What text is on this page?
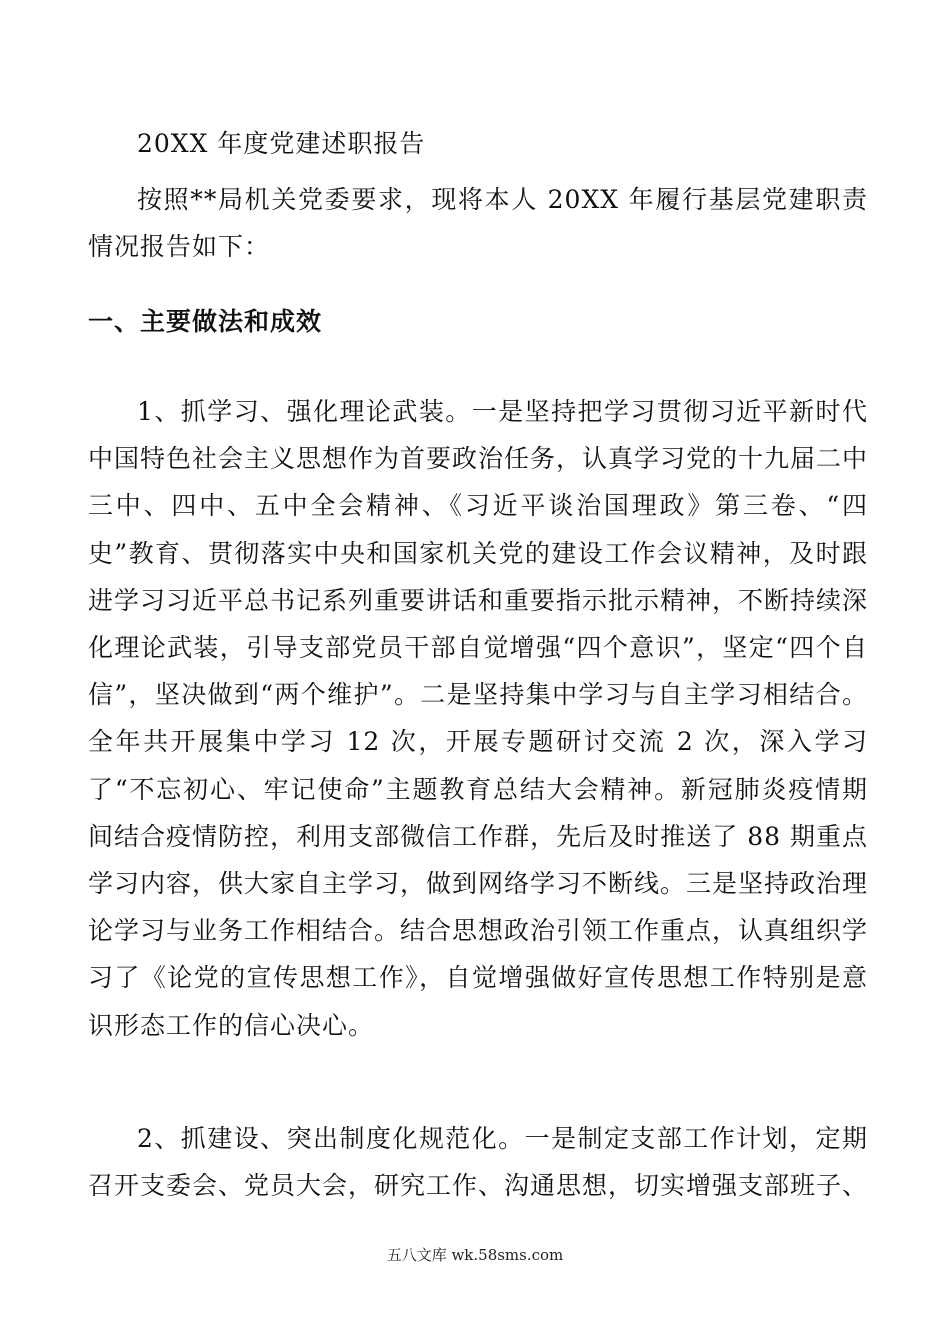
20XX 年度党建述职报告

按照**局机关党委要求，现将本人 20XX 年履行基层党建职责情况报告如下：

一、主要做法和成效

1、抓学习、强化理论武装。一是坚持把学习贯彻习近平新时代中国特色社会主义思想作为首要政治任务，认真学习党的十九届二中三中、四中、五中全会精神、《习近平谈治国理政》第三卷、“四史”教育、贯彻落实中央和国家机关党的建设工作会议精神，及时跟进学习习近平总书记系列重要讲话和重要指示批示精神，不断持续深化理论武装，引导支部党员干部自觉增强“四个意识”，坚定“四个自信”，坚决做到“两个维护”。二是坚持集中学习与自主学习相结合。全年共开展集中学习 12 次，开展专题研讨交流 2 次，深入学习了“不忘初心、牢记使命”主题教育总结大会精神。新冠肺炎疫情期间结合疫情防控，利用支部微信工作群，先后及时推送了 88 期重点学习内容，供大家自主学习，做到网络学习不断线。三是坚持政治理论学习与业务工作相结合。结合思想政治引领工作重点，认真组织学习了《论党的宣传思想工作》，自觉增强做好宣传思想工作特别是意识形态工作的信心决心。

2、抓建设、突出制度化规范化。一是制定支部工作计划，定期召开支委会、党员大会，研究工作、沟通思想，切实增强支部班子、

五八文库 wk.58sms.com
